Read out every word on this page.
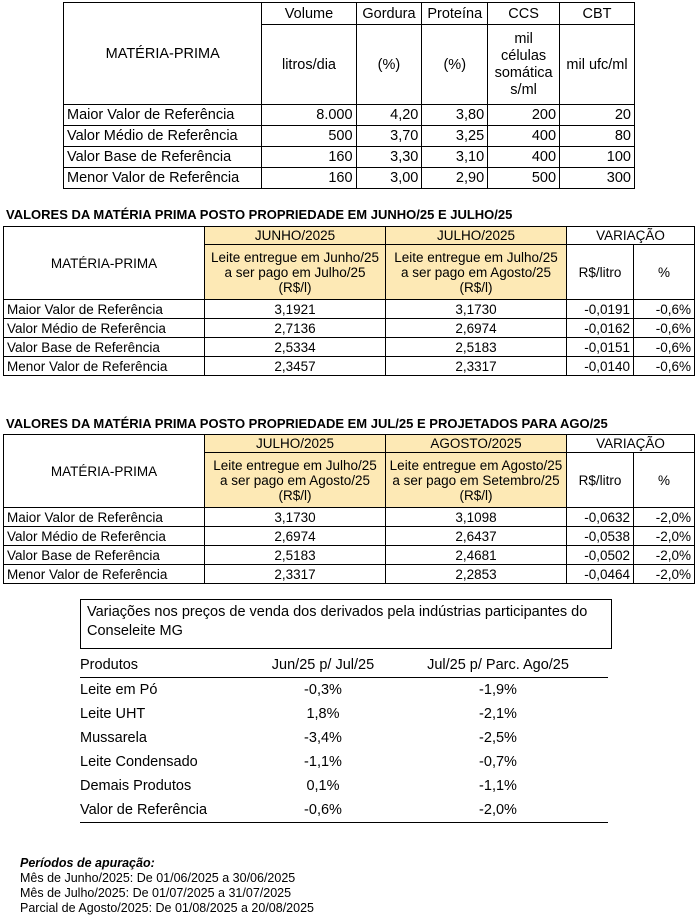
MATÉRIA-PRIMA	Volume	Gordura	Proteína	CCS	CBT
	litros/dia	(%)	(%)	mil células somática s/ml	mil ufc/ml
Maior Valor de Referência	8.000	4,20	3,80	200	20
Valor Médio de Referência	500	3,70	3,25	400	80
Valor Base de Referência	160	3,30	3,10	400	100
Menor Valor de Referência	160	3,00	2,90	500	300
VALORES DA MATÉRIA PRIMA POSTO PROPRIEDADE EM JUNHO/25 E JULHO/25
MATÉRIA-PRIMA	JUNHO/2025	JULHO/2025	VARIAÇÃO	
	Leite entregue em Junho/25 a ser pago em Julho/25 (R$/l)	Leite entregue em Julho/25 a ser pago em Agosto/25 (R$/l)	R$/litro	%
Maior Valor de Referência	3,1921	3,1730	-0,0191	-0,6%
Valor Médio de Referência	2,7136	2,6974	-0,0162	-0,6%
Valor Base de Referência	2,5334	2,5183	-0,0151	-0,6%
Menor Valor de Referência	2,3457	2,3317	-0,0140	-0,6%
VALORES DA MATÉRIA PRIMA POSTO PROPRIEDADE EM JUL/25 E PROJETADOS PARA AGO/25
MATÉRIA-PRIMA	JULHO/2025	AGOSTO/2025	VARIAÇÃO	
	Leite entregue em Julho/25 a ser pago em Agosto/25 (R$/l)	Leite entregue em Agosto/25 a ser pago em Setembro/25 (R$/l)	R$/litro	%
Maior Valor de Referência	3,1730	3,1098	-0,0632	-2,0%
Valor Médio de Referência	2,6974	2,6437	-0,0538	-2,0%
Valor Base de Referência	2,5183	2,4681	-0,0502	-2,0%
Menor Valor de Referência	2,3317	2,2853	-0,0464	-2,0%
Variações nos preços de venda dos derivados pela indústrias participantes do Conseleite MG
Produtos	Jun/25 p/ Jul/25	Jul/25 p/ Parc. Ago/25
Leite em Pó	-0,3%	-1,9%
Leite UHT	1,8%	-2,1%
Mussarela	-3,4%	-2,5%
Leite Condensado	-1,1%	-0,7%
Demais Produtos	0,1%	-1,1%
Valor de Referência	-0,6%	-2,0%
Períodos de apuração:
Mês de Junho/2025: De 01/06/2025 a 30/06/2025
Mês de Julho/2025: De 01/07/2025 a 31/07/2025
Parcial de Agosto/2025: De 01/08/2025 a 20/08/2025
